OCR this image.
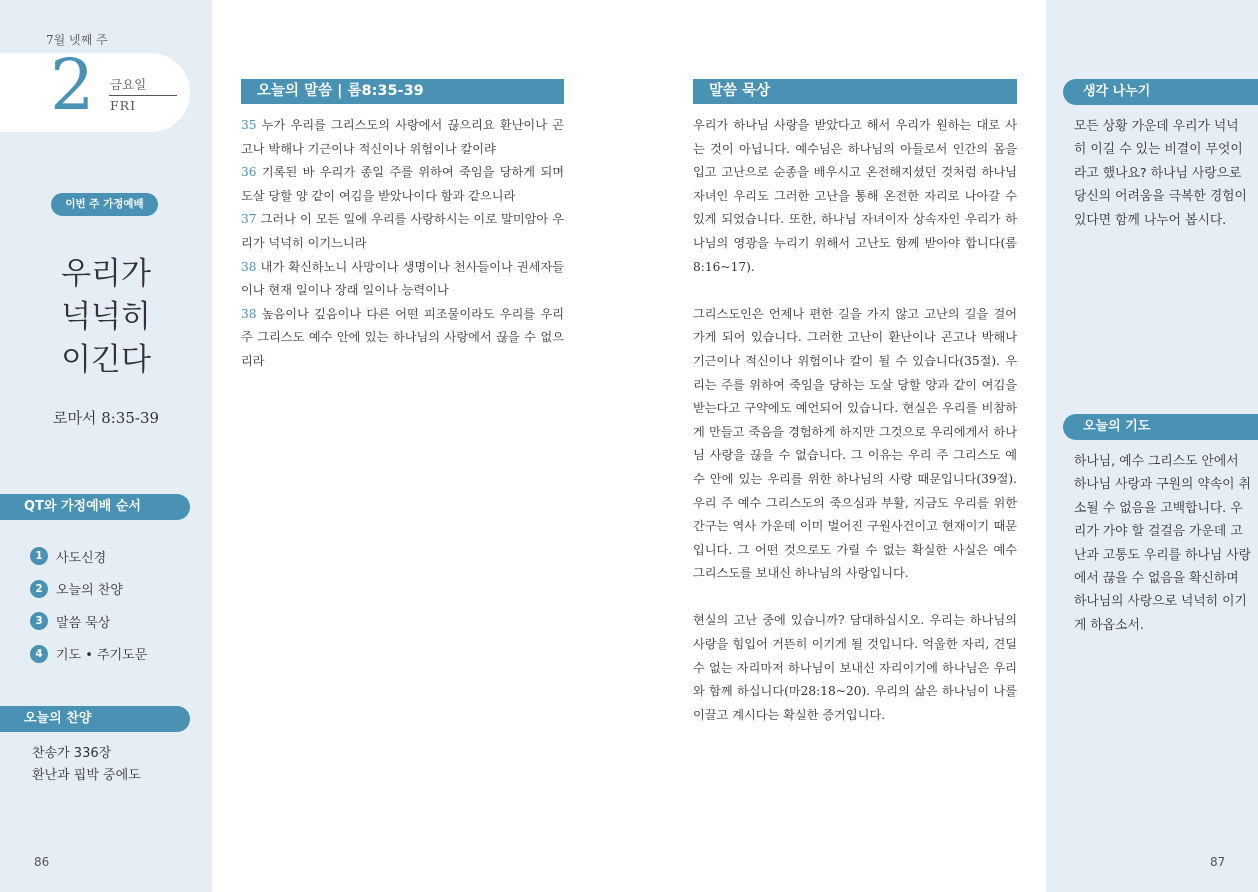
7월 넷째 주
2 금요일
FRI
이번 주 가정예배
우리가
넉넉히
이긴다
로마서 8:35-39
QT와 가정예배 순서
1	사도신경
2	오늘의 찬양
3	말씀 묵상
4	기도 • 주기도문
오늘의 찬양
찬송가 336장
환난과 핍박 중에도
86
오늘의 말씀 | 롬8:35-39
35 누가 우리를 그리스도의 사랑에서 끊으리요 환난이나 곤고나 박해나 기근이나 적신이나 위험이나 칼이랴
36 기록된 바 우리가 종일 주를 위하여 죽임을 당하게 되며 도살 당할 양 같이 여김을 받았나이다 함과 같으니라
37 그러나 이 모든 일에 우리를 사랑하시는 이로 말미암아 우리가 넉넉히 이기느니라
38 내가 확신하노니 사망이나 생명이나 천사들이나 권세자들이나 현재 일이나 장래 일이나 능력이나
38 높음이나 깊음이나 다른 어떤 피조물이라도 우리를 우리 주 그리스도 예수 안에 있는 하나님의 사랑에서 끊을 수 없으리라
말씀 묵상

우리가 하나님 사랑을 받았다고 해서 우리가 원하는 대로 사는 것이 아닙니다. 예수님은 하나님의 아들로서 인간의 몸을 입고 고난으로 순종을 배우시고 온전해지셨던 것처럼 하나님 자녀인 우리도 그러한 고난을 통해 온전한 자리로 나아갈 수 있게 되었습니다. 또한, 하나님 자녀이자 상속자인 우리가 하나님의 영광을 누리기 위해서 고난도 함께 받아야 합니다(롬8:16~17).

그리스도인은 언제나 편한 길을 가지 않고 고난의 길을 걸어가게 되어 있습니다. 그러한 고난이 환난이나 곤고나 박해나 기근이나 적신이나 위험이나 칼이 될 수 있습니다(35절). 우리는 주를 위하여 죽임을 당하는 도살 당할 양과 같이 여김을 받는다고 구약에도 예언되어 있습니다. 현실은 우리를 비참하게 만들고 죽음을 경험하게 하지만 그것으로 우리에게서 하나님 사랑을 끊을 수 없습니다. 그 이유는 우리 주 그리스도 예수 안에 있는 우리를 위한 하나님의 사랑 때문입니다(39절). 우리 주 예수 그리스도의 죽으심과 부활, 지금도 우리를 위한 간구는 역사 가운데 이미 벌어진 구원사건이고 현재이기 때문입니다. 그 어떤 것으로도 가릴 수 없는 확실한 사실은 예수 그리스도를 보내신 하나님의 사랑입니다.

현실의 고난 중에 있습니까? 담대하십시오. 우리는 하나님의 사랑을 힘입어 거뜬히 이기게 될 것입니다. 억울한 자리, 견딜 수 없는 자리마저 하나님이 보내신 자리이기에 하나님은 우리와 함께 하십니다(마28:18~20). 우리의 삶은 하나님이 나를 이끌고 계시다는 확실한 증거입니다.

생각 나누기
모든 상황 가운데 우리가 넉넉히 이길 수 있는 비결이 무엇이라고 했나요? 하나님 사랑으로 당신의 어려움을 극복한 경험이 있다면 함께 나누어 봅시다.
오늘의 기도
하나님, 예수 그리스도 안에서 하나님 사랑과 구원의 약속이 취소될 수 없음을 고백합니다. 우리가 가야 할 걸걸음 가운데 고난과 고통도 우리를 하나님 사랑에서 끊을 수 없음을 확신하며 하나님의 사랑으로 넉넉히 이기게 하옵소서.
87
